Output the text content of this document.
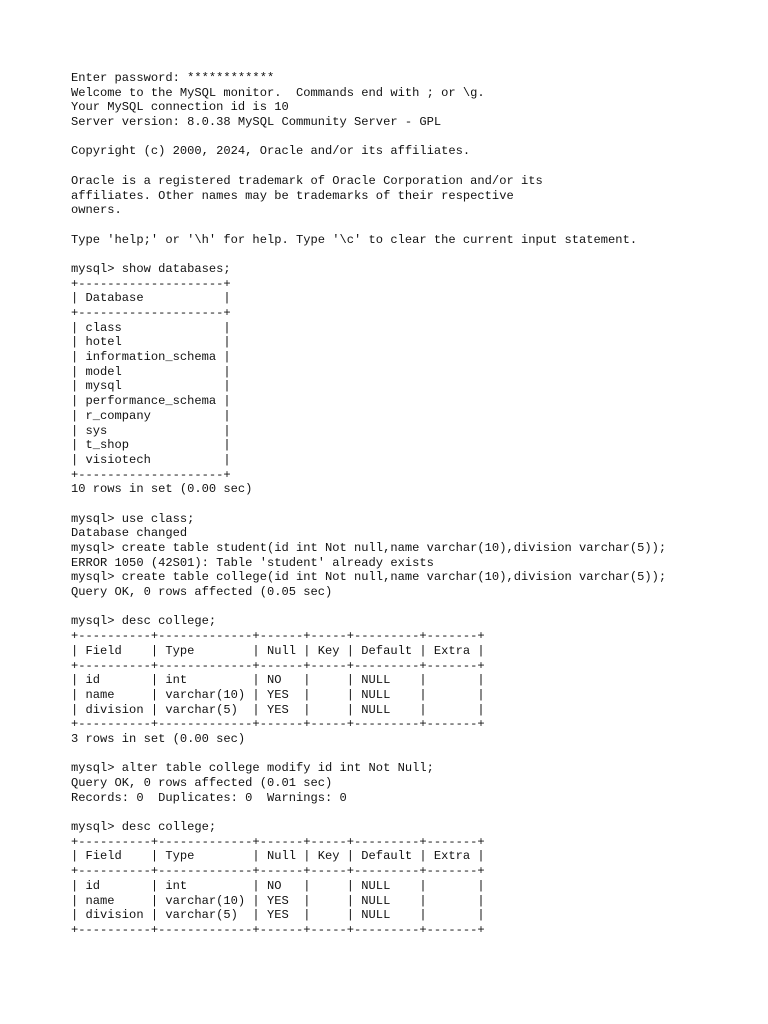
Enter password: ************
Welcome to the MySQL monitor.  Commands end with ; or \g.
Your MySQL connection id is 10
Server version: 8.0.38 MySQL Community Server - GPL
Copyright (c) 2000, 2024, Oracle and/or its affiliates.
Oracle is a registered trademark of Oracle Corporation and/or its
affiliates. Other names may be trademarks of their respective
owners.
Type 'help;' or '\h' for help. Type '\c' to clear the current input statement.
mysql> show databases;
+--------------------+
| Database           |
+--------------------+
| class              |
| hotel              |
| information_schema |
| model              |
| mysql              |
| performance_schema |
| r_company          |
| sys                |
| t_shop             |
| visiotech          |
+--------------------+
10 rows in set (0.00 sec)
mysql> use class;
Database changed
mysql> create table student(id int Not null,name varchar(10),division varchar(5));
ERROR 1050 (42S01): Table 'student' already exists
mysql> create table college(id int Not null,name varchar(10),division varchar(5));
Query OK, 0 rows affected (0.05 sec)
mysql> desc college;
+----------+-------------+------+-----+---------+-------+
| Field    | Type        | Null | Key | Default | Extra |
+----------+-------------+------+-----+---------+-------+
| id       | int         | NO   |     | NULL    |       |
| name     | varchar(10) | YES  |     | NULL    |       |
| division | varchar(5)  | YES  |     | NULL    |       |
+----------+-------------+------+-----+---------+-------+
3 rows in set (0.00 sec)
mysql> alter table college modify id int Not Null;
Query OK, 0 rows affected (0.01 sec)
Records: 0  Duplicates: 0  Warnings: 0
mysql> desc college;
+----------+-------------+------+-----+---------+-------+
| Field    | Type        | Null | Key | Default | Extra |
+----------+-------------+------+-----+---------+-------+
| id       | int         | NO   |     | NULL    |       |
| name     | varchar(10) | YES  |     | NULL    |       |
| division | varchar(5)  | YES  |     | NULL    |       |
+----------+-------------+------+-----+---------+-------+
